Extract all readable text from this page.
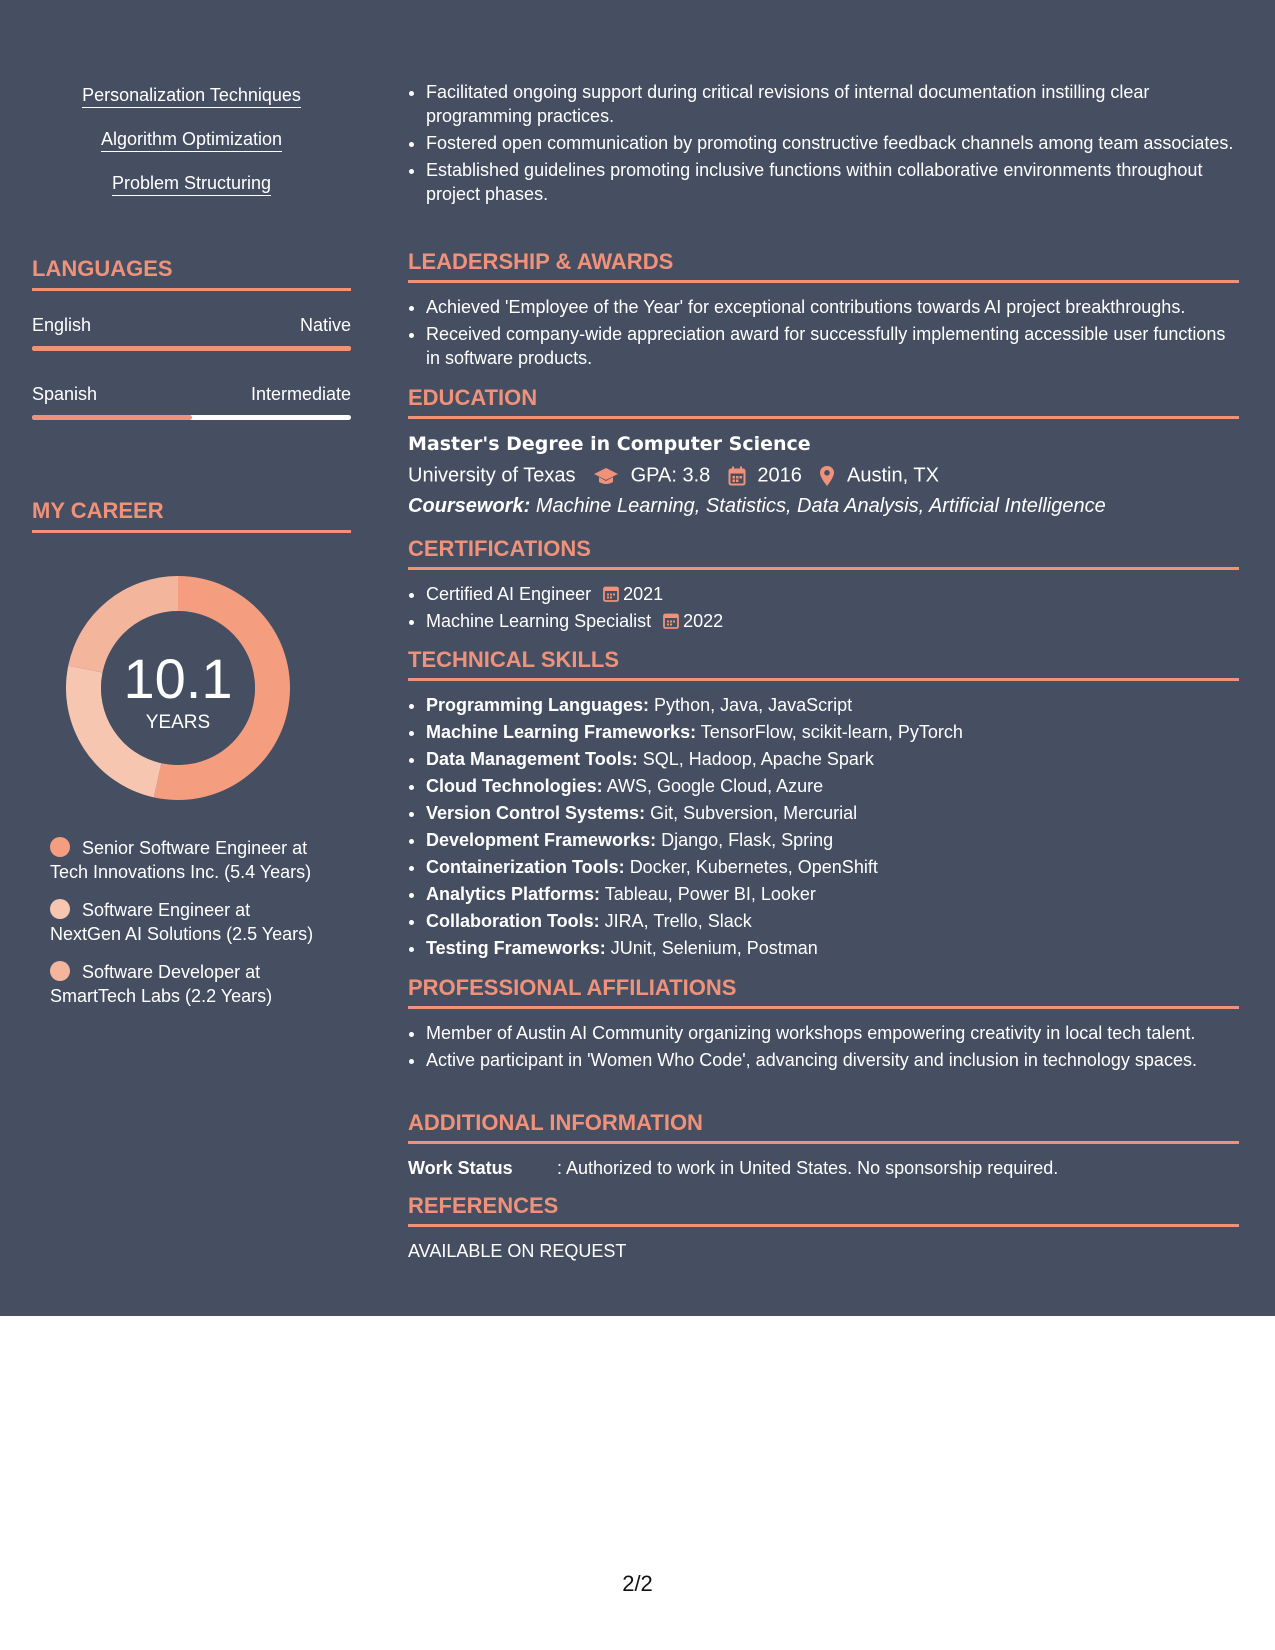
Personalization Techniques
Algorithm Optimization
Problem Structuring
LANGUAGES
English	Native
Spanish	Intermediate
MY CAREER
10.1
YEARS
Senior Software Engineer at
Tech Innovations Inc. (5.4 Years)
Software Engineer at
NextGen AI Solutions (2.5 Years)
Software Developer at
SmartTech Labs (2.2 Years)
• Facilitated ongoing support during critical revisions of internal documentation instilling clear programming practices.
• Fostered open communication by promoting constructive feedback channels among team associates.
• Established guidelines promoting inclusive functions within collaborative environments throughout project phases.
LEADERSHIP & AWARDS
• Achieved 'Employee of the Year' for exceptional contributions towards AI project breakthroughs.
• Received company-wide appreciation award for successfully implementing accessible user functions in software products.
EDUCATION
Master's Degree in Computer Science
University of Texas	GPA: 3.8 2016 Austin, TX
Coursework: Machine Learning, Statistics, Data Analysis, Artificial Intelligence
CERTIFICATIONS
• Certified AI Engineer 2021
• Machine Learning Specialist 2022
TECHNICAL SKILLS
• Programming Languages: Python, Java, JavaScript
• Machine Learning Frameworks: TensorFlow, scikit-learn, PyTorch
• Data Management Tools: SQL, Hadoop, Apache Spark
• Cloud Technologies: AWS, Google Cloud, Azure
• Version Control Systems: Git, Subversion, Mercurial
• Development Frameworks: Django, Flask, Spring
• Containerization Tools: Docker, Kubernetes, OpenShift
• Analytics Platforms: Tableau, Power BI, Looker
• Collaboration Tools: JIRA, Trello, Slack
• Testing Frameworks: JUnit, Selenium, Postman
PROFESSIONAL AFFILIATIONS
• Member of Austin AI Community organizing workshops empowering creativity in local tech talent.
• Active participant in 'Women Who Code', advancing diversity and inclusion in technology spaces.
ADDITIONAL INFORMATION
Work Status : Authorized to work in United States. No sponsorship required.
REFERENCES
AVAILABLE ON REQUEST
2/2
